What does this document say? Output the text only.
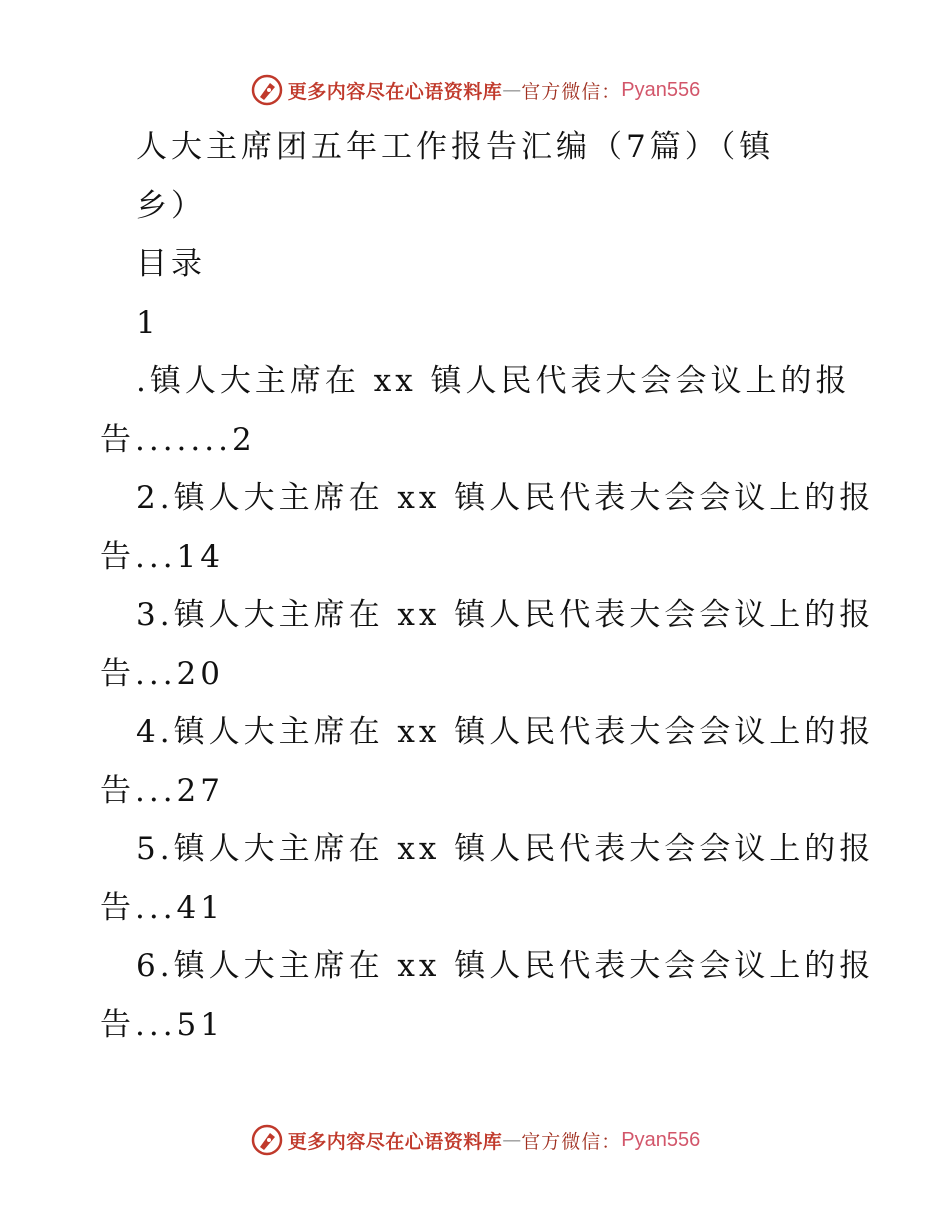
更多内容尽在心语资料库 — 官方微信： Pyan556
人大主席团五年工作报告汇编（7篇）（镇
乡）
目录
1
.镇人大主席在 xx 镇人民代表大会会议上的报
告.......2
2.镇人大主席在 xx 镇人民代表大会会议上的报
告...14
3.镇人大主席在 xx 镇人民代表大会会议上的报
告...20
4.镇人大主席在 xx 镇人民代表大会会议上的报
告...27
5.镇人大主席在 xx 镇人民代表大会会议上的报
告...41
6.镇人大主席在 xx 镇人民代表大会会议上的报
告...51
更多内容尽在心语资料库 — 官方微信： Pyan556
